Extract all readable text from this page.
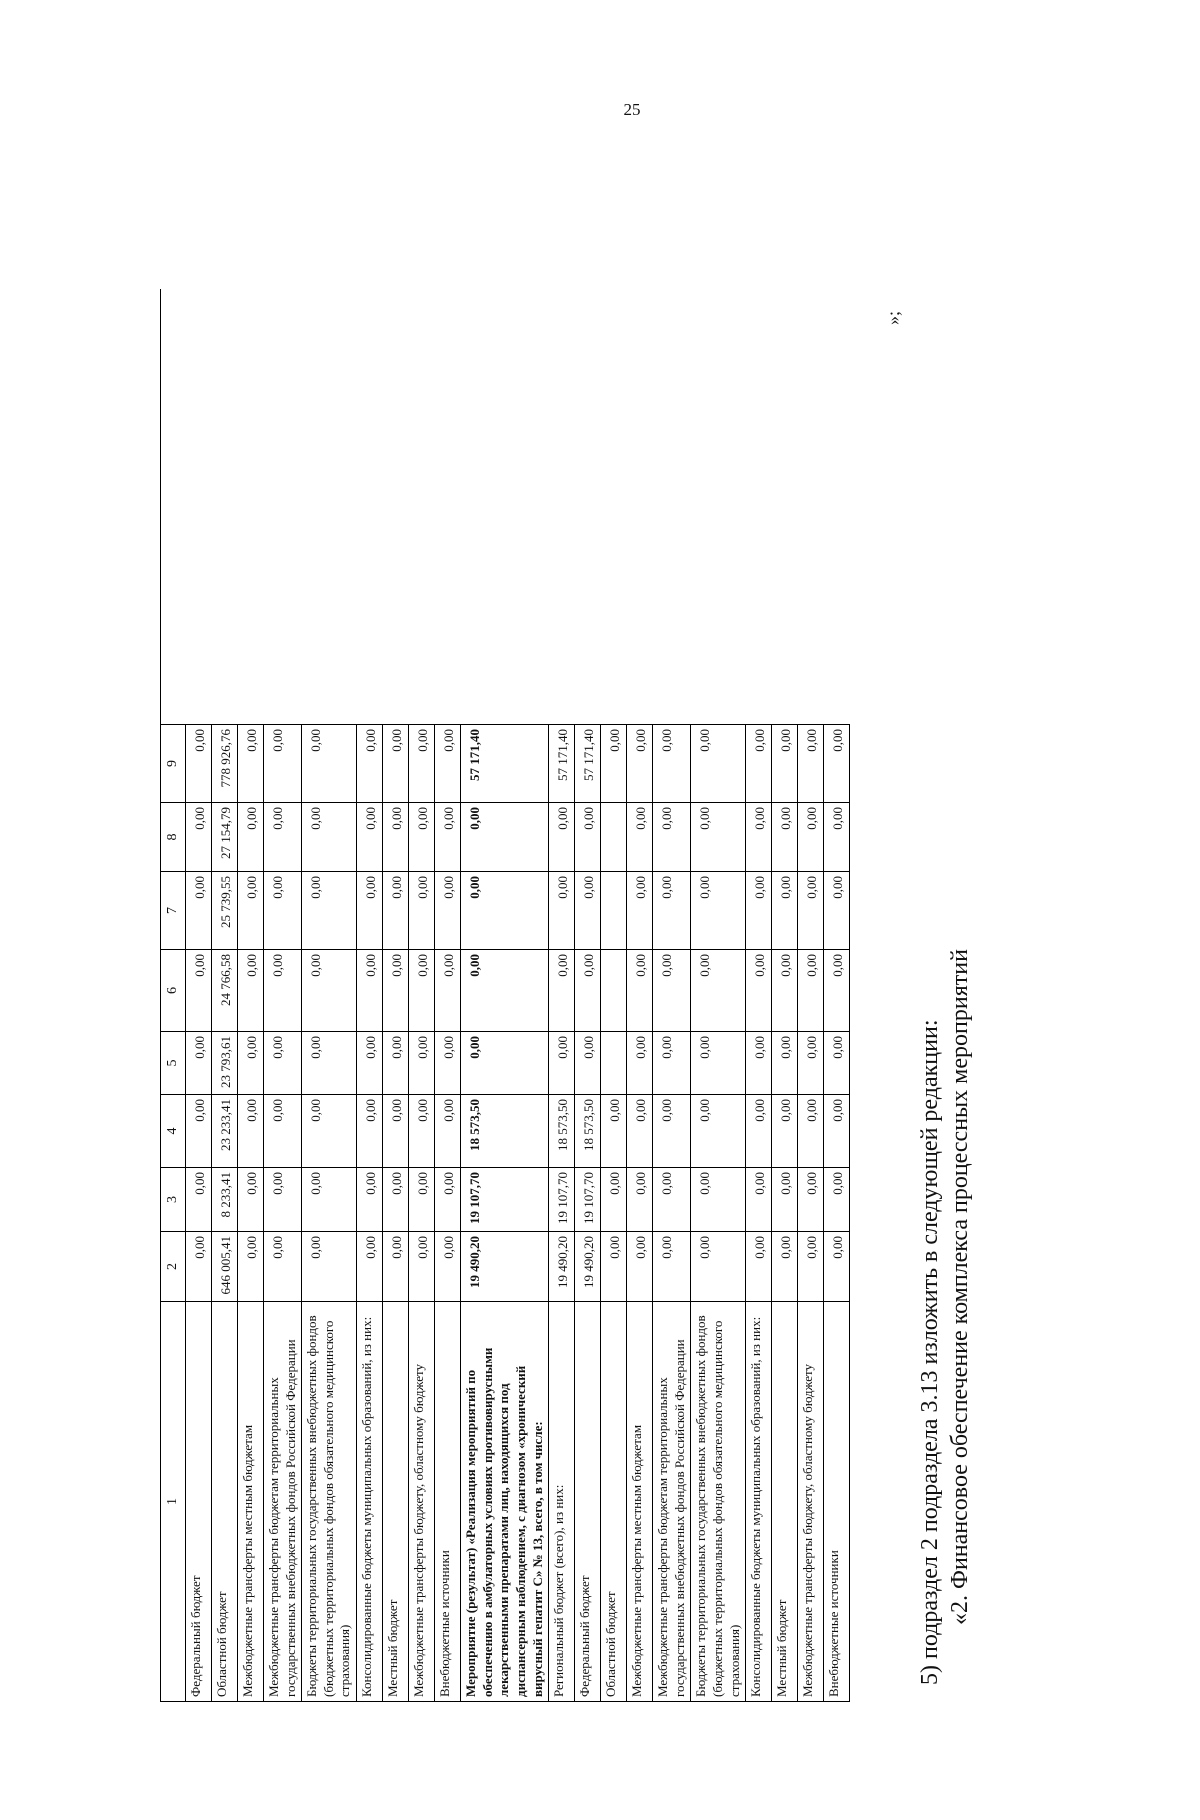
25
1
2
3
4
5
6
7
8
9
Федеральный бюджет
0,00
0,00
0,00
0,00
0,00
0,00
0,00
0,00
Областной бюджет
646 005,41
8 233,41
23 233,41
23 793,61
24 766,58
25 739,55
27 154,79
778 926,76
Межбюджетные трансферты местным бюджетам
0,00
0,00
0,00
0,00
0,00
0,00
0,00
0,00
Межбюджетные трансферты бюджетам территориальных государственных внебюджетных фондов Российской Федерации
0,00
0,00
0,00
0,00
0,00
0,00
0,00
0,00
Бюджеты территориальных государственных внебюджетных фондов (бюджетных территориальных фондов обязательного медицинского страхования)
0,00
0,00
0,00
0,00
0,00
0,00
0,00
0,00
Консолидированные бюджеты муниципальных образований, из них:
0,00
0,00
0,00
0,00
0,00
0,00
0,00
0,00
Местный бюджет
0,00
0,00
0,00
0,00
0,00
0,00
0,00
0,00
Межбюджетные трансферты бюджету, областному бюджету
0,00
0,00
0,00
0,00
0,00
0,00
0,00
0,00
Внебюджетные источники
0,00
0,00
0,00
0,00
0,00
0,00
0,00
0,00
Мероприятие (результат) «Реализация мероприятий по обеспечению в амбулаторных условиях противовирусными лекарственными препаратами лиц, находящихся под диспансерным наблюдением, с диагнозом «хронический вирусный гепатит С» № 13, всего, в том числе:
19 490,20
19 107,70
18 573,50
0,00
0,00
0,00
0,00
57 171,40
Региональный бюджет (всего), из них:
19 490,20
19 107,70
18 573,50
0,00
0,00
0,00
0,00
57 171,40
Федеральный бюджет
19 490,20
19 107,70
18 573,50
0,00
0,00
0,00
0,00
57 171,40
Областной бюджет
0,00
0,00
0,00
0,00
Межбюджетные трансферты местным бюджетам
0,00
0,00
0,00
0,00
0,00
0,00
0,00
0,00
Межбюджетные трансферты бюджетам территориальных государственных внебюджетных фондов Российской Федерации
0,00
0,00
0,00
0,00
0,00
0,00
0,00
0,00
Бюджеты территориальных государственных внебюджетных фондов (бюджетных территориальных фондов обязательного медицинского страхования)
0,00
0,00
0,00
0,00
0,00
0,00
0,00
0,00
Консолидированные бюджеты муниципальных образований, из них:
0,00
0,00
0,00
0,00
0,00
0,00
0,00
0,00
Местный бюджет
0,00
0,00
0,00
0,00
0,00
0,00
0,00
0,00
Межбюджетные трансферты бюджету, областному бюджету
0,00
0,00
0,00
0,00
0,00
0,00
0,00
0,00
Внебюджетные источники
0,00
0,00
0,00
0,00
0,00
0,00
0,00
0,00
»;
5) подраздел 2 подраздела 3.13 изложить в следующей редакции: «2. Финансовое обеспечение комплекса процессных мероприятий
